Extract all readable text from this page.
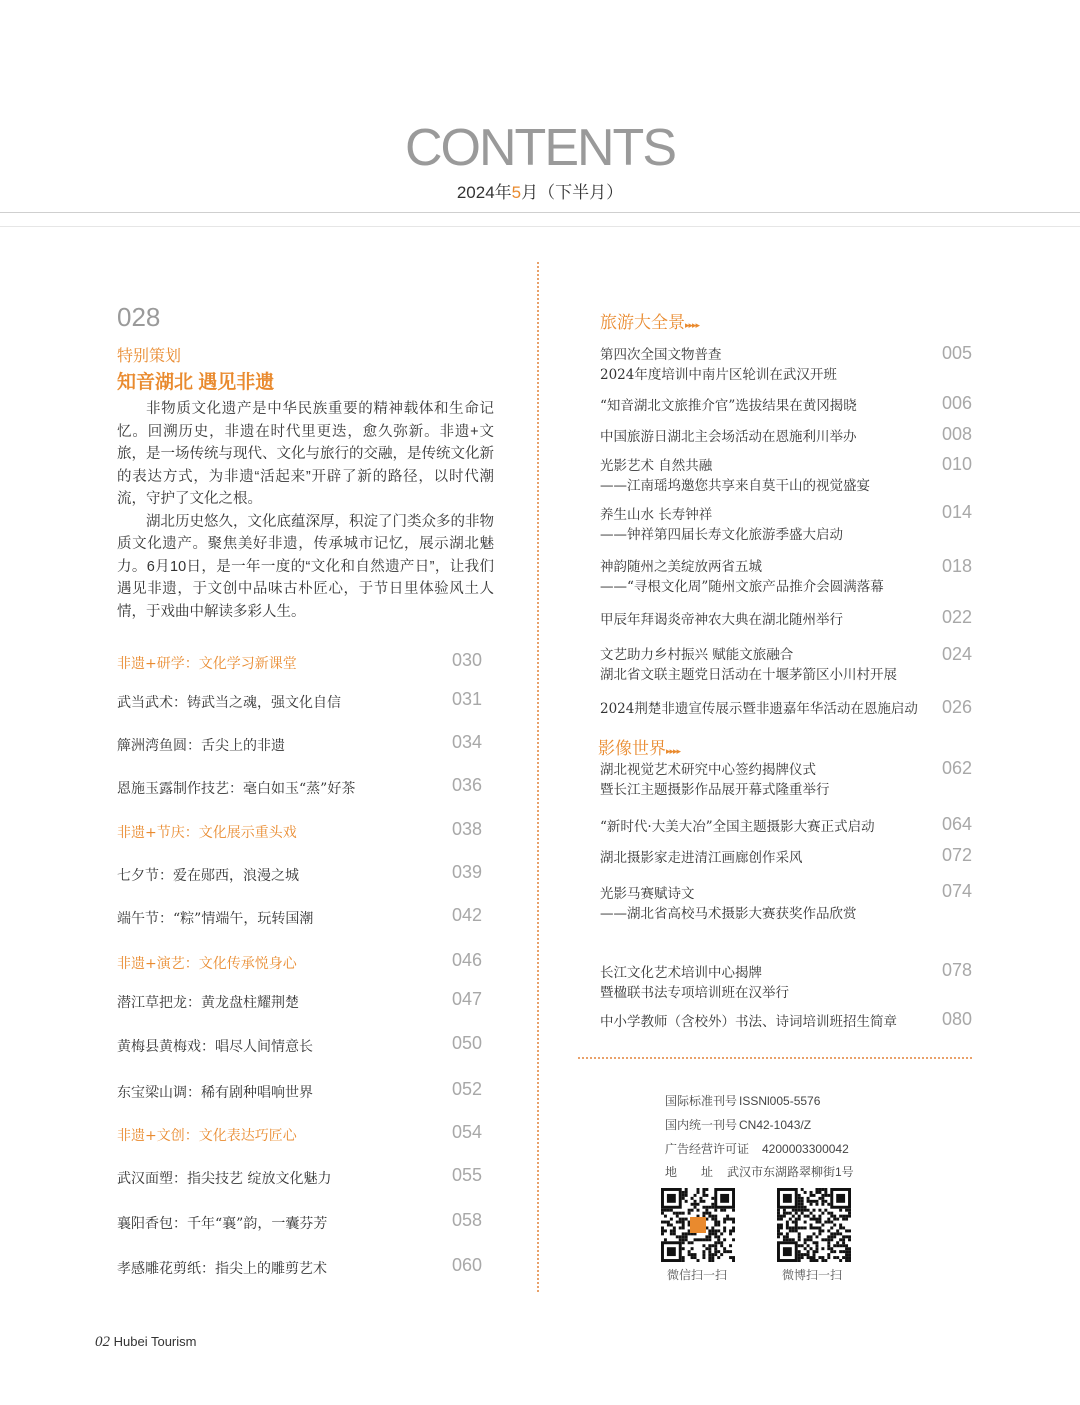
CONTENTS
2024年5月（下半月）
028
特别策划
知音湖北 遇见非遗

非物质文化遗产是中华民族重要的精神载体和生命记忆。回溯历史，非遗在时代里更迭，愈久弥新。非遗+文旅，是一场传统与现代、文化与旅行的交融，是传统文化新的表达方式，为非遗“活起来”开辟了新的路径，以时代潮流，守护了文化之根。

湖北历史悠久，文化底蕴深厚，积淀了门类众多的非物质文化遗产。聚焦美好非遗，传承城市记忆，展示湖北魅力。6月10日，是一年一度的“文化和自然遗产日”，让我们遇见非遗，于文创中品味古朴匠心，于节日里体验风土人情，于戏曲中解读多彩人生。

非遗+研学：文化学习新课堂	030
武当武术：铸武当之魂，强文化自信	031
簰洲湾鱼圆：舌尖上的非遗	034
恩施玉露制作技艺：毫白如玉“蒸”好茶	036
非遗+节庆：文化展示重头戏	038
七夕节：爱在郧西，浪漫之城	039
端午节：“粽”情端午，玩转国潮	042
非遗+演艺：文化传承悦身心	046
潜江草把龙：黄龙盘柱耀荆楚	047
黄梅县黄梅戏：唱尽人间情意长	050
东宝梁山调：稀有剧种唱响世界	052
非遗+文创：文化表达巧匠心	054
武汉面塑：指尖技艺 绽放文化魅力	055
襄阳香包：千年“襄”韵，一囊芬芳	058
孝感雕花剪纸：指尖上的雕剪艺术	060
旅游大全景▸▸▸▸
第四次全国文物普查
2024年度培训中南片区轮训在武汉开班
005
“知音湖北文旅推介官”选拔结果在黄冈揭晓	006
中国旅游日湖北主会场活动在恩施利川举办	008
光影艺术 自然共融
——江南瑶坞邀您共享来自莫干山的视觉盛宴
010
养生山水 长寿钟祥
——钟祥第四届长寿文化旅游季盛大启动
014
神韵随州之美绽放两省五城
——“寻根文化周”随州文旅产品推介会圆满落幕
018
甲辰年拜谒炎帝神农大典在湖北随州举行	022
文艺助力乡村振兴 赋能文旅融合
湖北省文联主题党日活动在十堰茅箭区小川村开展
024
2024荆楚非遗宣传展示暨非遗嘉年华活动在恩施启动 026
影像世界▸▸▸▸
湖北视觉艺术研究中心签约揭牌仪式
暨长江主题摄影作品展开幕式隆重举行
062
“新时代·大美大冶”全国主题摄影大赛正式启动	064
湖北摄影家走进清江画廊创作采风	072
光影马赛赋诗文
——湖北省高校马术摄影大赛获奖作品欣赏
074
长江文化艺术培训中心揭牌
暨楹联书法专项培训班在汉举行
078
中小学教师（含校外）书法、诗词培训班招生简章	080
国际标准刊号 ISSNl005-5576
国内统一刊号 CN42-1043/Z
广告经营许可证 4200003300042
地　　址 武汉市东湖路翠柳街1号
微信扫一扫	微博扫一扫
02 Hubei Tourism
